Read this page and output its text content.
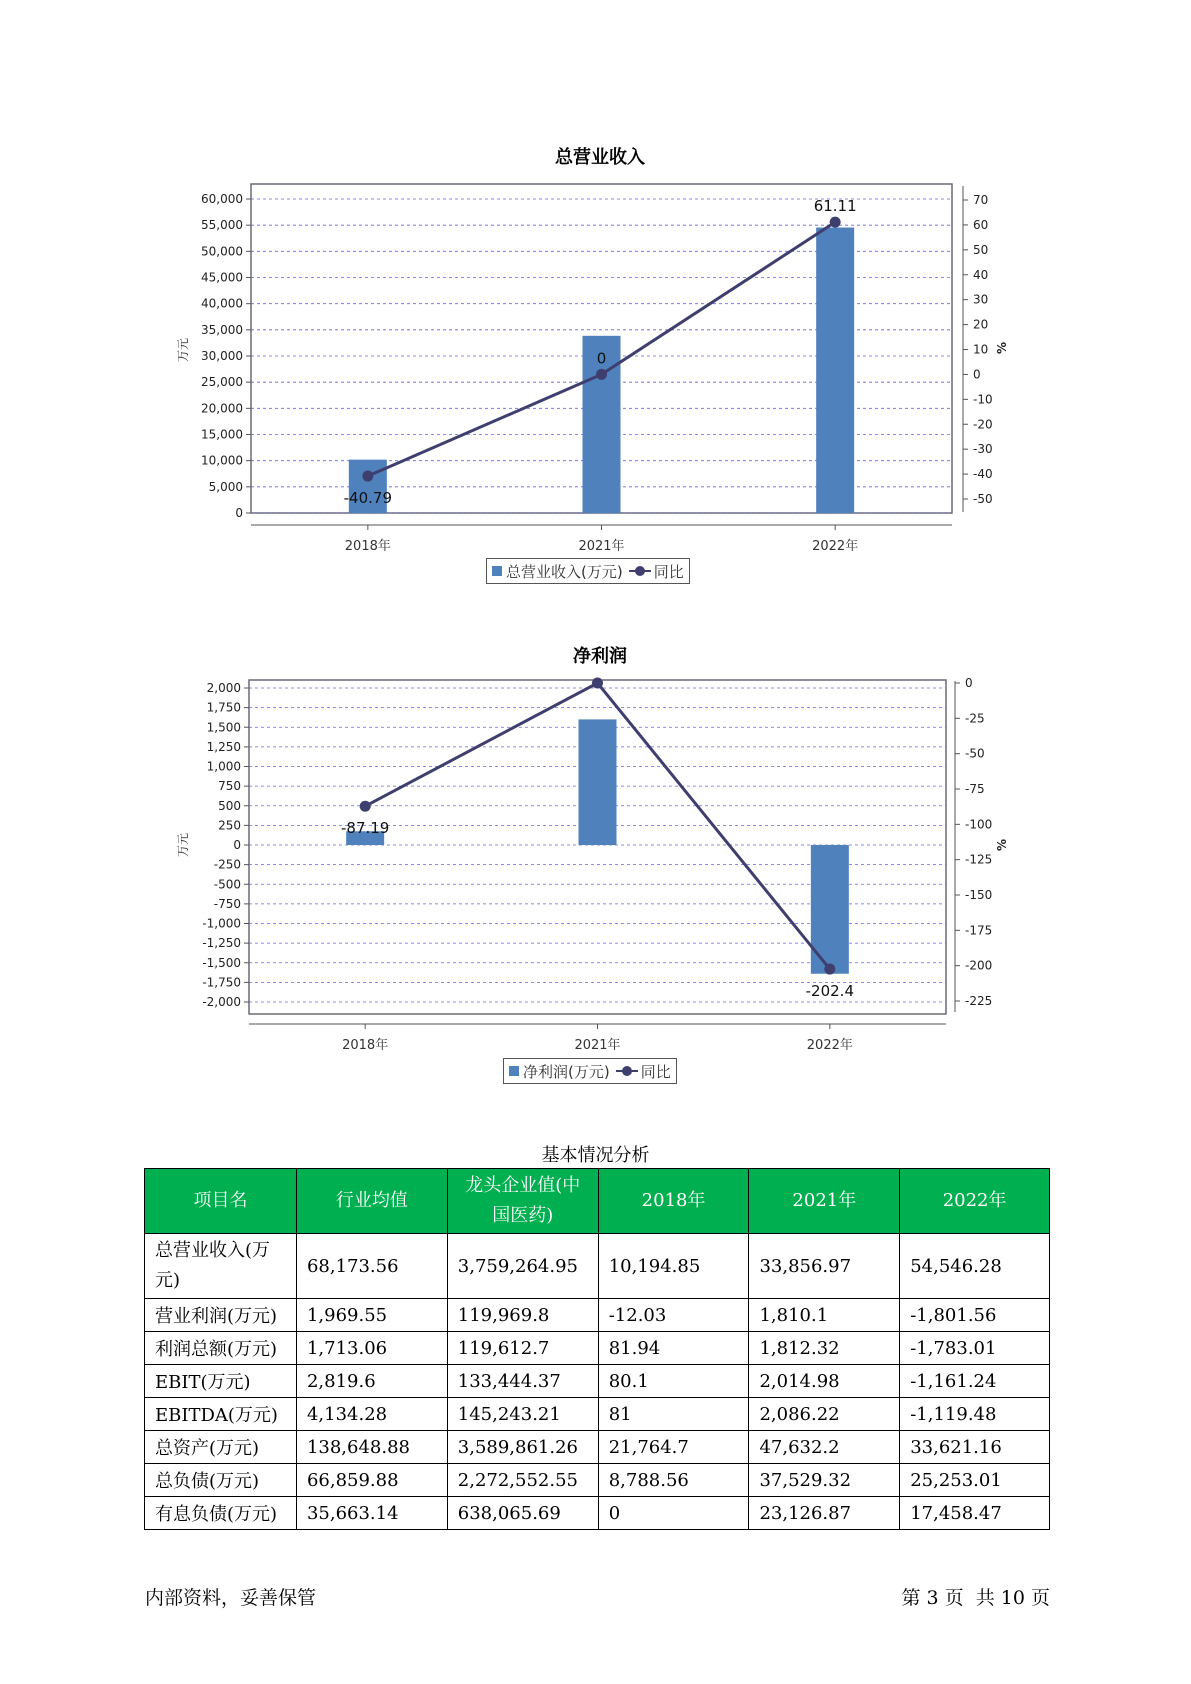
总营业收入
0
5,000
10,000
15,000
20,000
25,000
30,000
35,000
40,000
45,000
50,000
55,000
60,000
-50
-40
-30
-20
-10
0
10
20
30
40
50
60
70
2018年	2021年	2022年
万元	%
-40.79
0
61.11
总营业收入(万元) 同比
净利润
-2,000
-1,750
-1,500
-1,250
-1,000
-750
-500
-250
0
250
500
750
1,000
1,250
1,500
1,750
2,000
-225
-200
-175
-150
-125
-100
-75
-50
-25
0
2018年	2021年	2022年
万元	%
-87.19
-202.4
净利润(万元) 同比
基本情况分析
项目名	行业均值	龙头企业值(中国医药)	2018年	2021年	2022年
总营业收入(万元)	68,173.56	3,759,264.95	10,194.85	33,856.97	54,546.28
营业利润(万元)	1,969.55	119,969.8	-12.03	1,810.1	-1,801.56
利润总额(万元)	1,713.06	119,612.7	81.94	1,812.32	-1,783.01
EBIT(万元)	2,819.6	133,444.37	80.1	2,014.98	-1,161.24
EBITDA(万元)	4,134.28	145,243.21	81	2,086.22	-1,119.48
总资产(万元)	138,648.88	3,589,861.26	21,764.7	47,632.2	33,621.16
总负债(万元)	66,859.88	2,272,552.55	8,788.56	37,529.32	25,253.01
有息负债(万元)	35,663.14	638,065.69	0	23,126.87	17,458.47
内部资料，妥善保管	第 3 页  共 10 页
